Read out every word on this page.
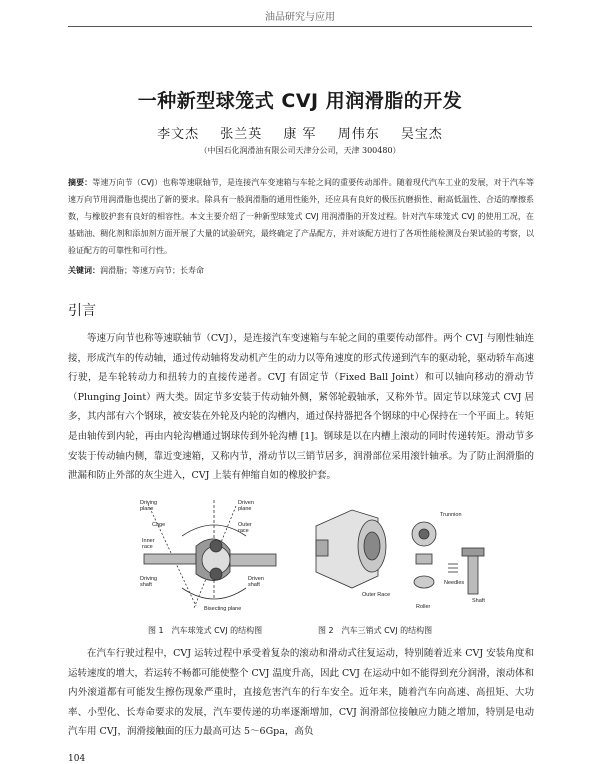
油品研究与应用
一种新型球笼式 CVJ 用润滑脂的开发
李文杰 张兰英 康 军 周伟东 吴宝杰
（中国石化润滑油有限公司天津分公司，天津 300480）
摘要：等速万向节（CVJ）也称等速联轴节，是连接汽车变速箱与车轮之间的重要传动部件。随着现代汽车工业的发展，对于汽车等速万向节用润滑脂也提出了新的要求。除具有一般润滑脂的通用性能外，还应具有良好的极压抗磨损性、耐高低温性、合适的摩擦系数，与橡胶护套有良好的相容性。本文主要介绍了一种新型球笼式 CVJ 用润滑脂的开发过程。针对汽车球笼式 CVJ 的使用工况，在基础油、稠化剂和添加剂方面开展了大量的试验研究，最终确定了产品配方，并对该配方进行了各项性能检测及台架试验的考察，以验证配方的可靠性和可行性。
关键词：润滑脂；等速万向节；长寿命
引言
等速万向节也称等速联轴节（CVJ），是连接汽车变速箱与车轮之间的重要传动部件。两个 CVJ 与刚性轴连接，形成汽车的传动轴，通过传动轴将发动机产生的动力以等角速度的形式传递到汽车的驱动轮，驱动轿车高速行驶，是车轮转动力和扭转力的直接传递者。CVJ 有固定节（Fixed Ball Joint）和可以轴向移动的滑动节（Plunging Joint）两大类。固定节多安装于传动轴外侧，紧邻轮毂轴承，又称外节。固定节以球笼式 CVJ 居多，其内部有六个钢球，被安装在外轮及内轮的沟槽内，通过保持器把各个钢球的中心保持在一个平面上。转矩是由轴传到内轮，再由内轮沟槽通过钢球传到外轮沟槽 [1]。钢球是以在内槽上滚动的同时传递转矩。滑动节多安装于传动轴内侧，靠近变速箱，又称内节，滑动节以三销节居多，润滑部位采用滚针轴承。为了防止润滑脂的泄漏和防止外部的灰尘进入，CVJ 上装有伸缩自如的橡胶护套。
Driving plane
Driven plane
Cage	Outer race
Inner race
Driving shaft
Driven shaft
Bisecting plane
Trunnion
Outer Race
Needles
Shaft
Roller
图 1　汽车球笼式 CVJ 的结构图	图 2　汽车三销式 CVJ 的结构图
在汽车行驶过程中，CVJ 运转过程中承受着复杂的滚动和滑动式往复运动，特别随着近来 CVJ 安装角度和运转速度的增大，若运转不畅都可能使整个 CVJ 温度升高，因此 CVJ 在运动中如不能得到充分润滑，滚动体和内外滚道都有可能发生擦伤现象严重时，直接危害汽车的行车安全。近年来，随着汽车向高速、高扭矩、大功率、小型化、长寿命要求的发展，汽车要传递的功率逐渐增加，CVJ 润滑部位接触应力随之增加，特别是电动汽车用 CVJ，润滑接触面的压力最高可达 5～6Gpa，高负
104
